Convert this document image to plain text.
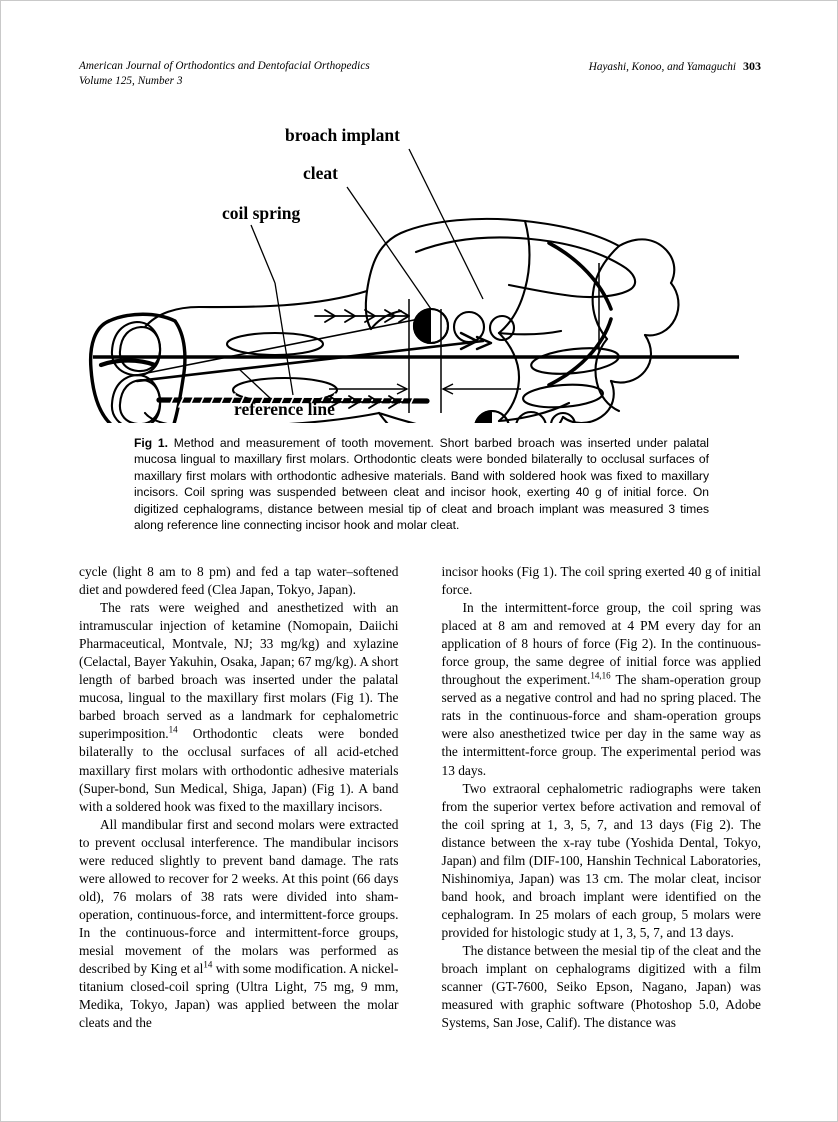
American Journal of Orthodontics and Dentofacial Orthopedics
Volume 125, Number 3
Hayashi, Konoo, and Yamaguchi 303
broach implant
cleat
coil spring
reference line
Fig 1. Method and measurement of tooth movement. Short barbed broach was inserted under palatal mucosa lingual to maxillary first molars. Orthodontic cleats were bonded bilaterally to occlusal surfaces of maxillary first molars with orthodontic adhesive materials. Band with soldered hook was fixed to maxillary incisors. Coil spring was suspended between cleat and incisor hook, exerting 40 g of initial force. On digitized cephalograms, distance between mesial tip of cleat and broach implant was measured 3 times along reference line connecting incisor hook and molar cleat.

cycle (light 8 am to 8 pm) and fed a tap water–softened diet and powdered feed (Clea Japan, Tokyo, Japan).

The rats were weighed and anesthetized with an intramuscular injection of ketamine (Nomopain, Daiichi Pharmaceutical, Montvale, NJ; 33 mg/kg) and xylazine (Celactal, Bayer Yakuhin, Osaka, Japan; 67 mg/kg). A short length of barbed broach was inserted under the palatal mucosa, lingual to the maxillary first molars (Fig 1). The barbed broach served as a landmark for cephalometric superimposition.$^{14}$ Orthodontic cleats were bonded bilaterally to the occlusal surfaces of all acid-etched maxillary first molars with orthodontic adhesive materials (Super-bond, Sun Medical, Shiga, Japan) (Fig 1). A band with a soldered hook was fixed to the maxillary incisors.

All mandibular first and second molars were extracted to prevent occlusal interference. The mandibular incisors were reduced slightly to prevent band damage. The rats were allowed to recover for 2 weeks. At this point (66 days old), 76 molars of 38 rats were divided into sham-operation, continuous-force, and intermittent-force groups. In the continuous-force and intermittent-force groups, mesial movement of the molars was performed as described by King et $al^{14}$ with some modification. A nickel-titanium closed-coil spring (Ultra Light, 75 mg, 9 mm, Medika, Tokyo, Japan) was applied between the molar cleats and the

incisor hooks (Fig 1). The coil spring exerted 40 g of initial force.

In the intermittent-force group, the coil spring was placed at 8 am and removed at 4 PM every day for an application of 8 hours of force (Fig 2). In the continuous-force group, the same degree of initial force was applied throughout the experiment.$^{14,16}$ The sham-operation group served as a negative control and had no spring placed. The rats in the continuous-force and sham-operation groups were also anesthetized twice per day in the same way as the intermittent-force group. The experimental period was 13 days.

Two extraoral cephalometric radiographs were taken from the superior vertex before activation and removal of the coil spring at 1, 3, 5, 7, and 13 days (Fig 2). The distance between the x-ray tube (Yoshida Dental, Tokyo, Japan) and film (DIF-100, Hanshin Technical Laboratories, Nishinomiya, Japan) was 13 cm. The molar cleat, incisor band hook, and broach implant were identified on the cephalogram. In 25 molars of each group, 5 molars were provided for histologic study at 1, 3, 5, 7, and 13 days.

The distance between the mesial tip of the cleat and the broach implant on cephalograms digitized with a film scanner (GT-7600, Seiko Epson, Nagano, Japan) was measured with graphic software (Photoshop 5.0, Adobe Systems, San Jose, Calif). The distance was
